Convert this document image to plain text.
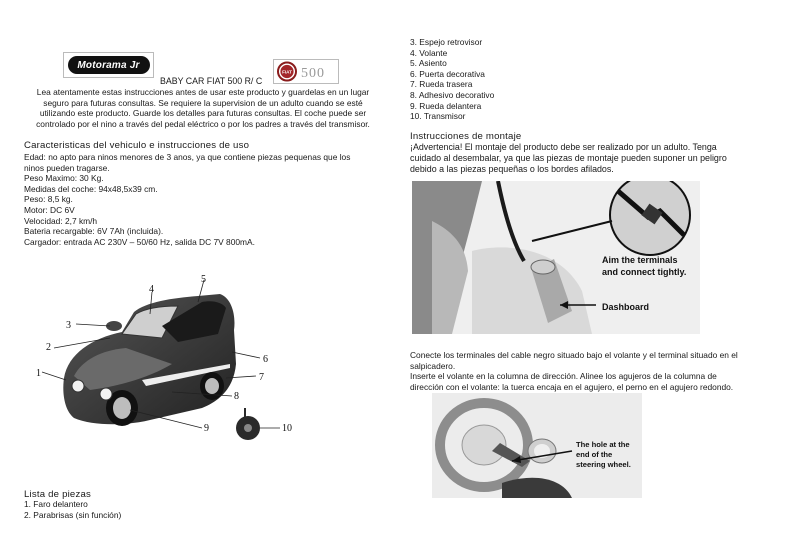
Motorama Jr
BABY CAR FIAT 500 R/ C
FIAT 500
Lea atentamente estas instrucciones antes de usar este producto y guardelas en un lugar
seguro para futuras consultas. Se requiere la supervision de un adulto cuando se esté
utilizando este producto. Guarde los detalles para futuras consultas. El coche puede ser
controlado por el nino a través del pedal eléctrico o por los padres a través del transmisor.
Caracteristicas del vehiculo e instrucciones de uso
Edad: no apto para ninos menores de 3 anos, ya que contiene piezas pequenas que los
ninos pueden tragarse.
Peso Maximo: 30 Kg.
Medidas del coche: 94x48,5x39 cm.
Peso: 8,5 kg.
Motor: DC 6V
Velocidad: 2,7 km/h
Bateria recargable: 6V 7Ah (incluida).
Cargador: entrada AC 230V – 50/60 Hz, salida DC 7V 800mA.
1
2
3
4
5
6
7
8
9	10
Lista de piezas
1. Faro delantero
2. Parabrisas (sin función)
3. Espejo retrovisor
4. Volante
5. Asiento
6. Puerta decorativa
7. Rueda trasera
8. Adhesivo decorativo
9. Rueda delantera
10. Transmisor
Instrucciones de montaje
¡Advertencia! El montaje del producto debe ser realizado por un adulto. Tenga
cuidado al desembalar, ya que las piezas de montaje pueden suponer un peligro
debido a las piezas pequeñas o los bordes afilados.
Aim the terminals
and connect tightly.
Dashboard
Conecte los terminales del cable negro situado bajo el volante y el terminal situado en el
salpicadero.
Inserte el volante en la columna de dirección. Alinee los agujeros de la columna de
dirección con el volante: la tuerca encaja en el agujero, el perno en el agujero redondo.
The hole at the
end of the
steering wheel.
